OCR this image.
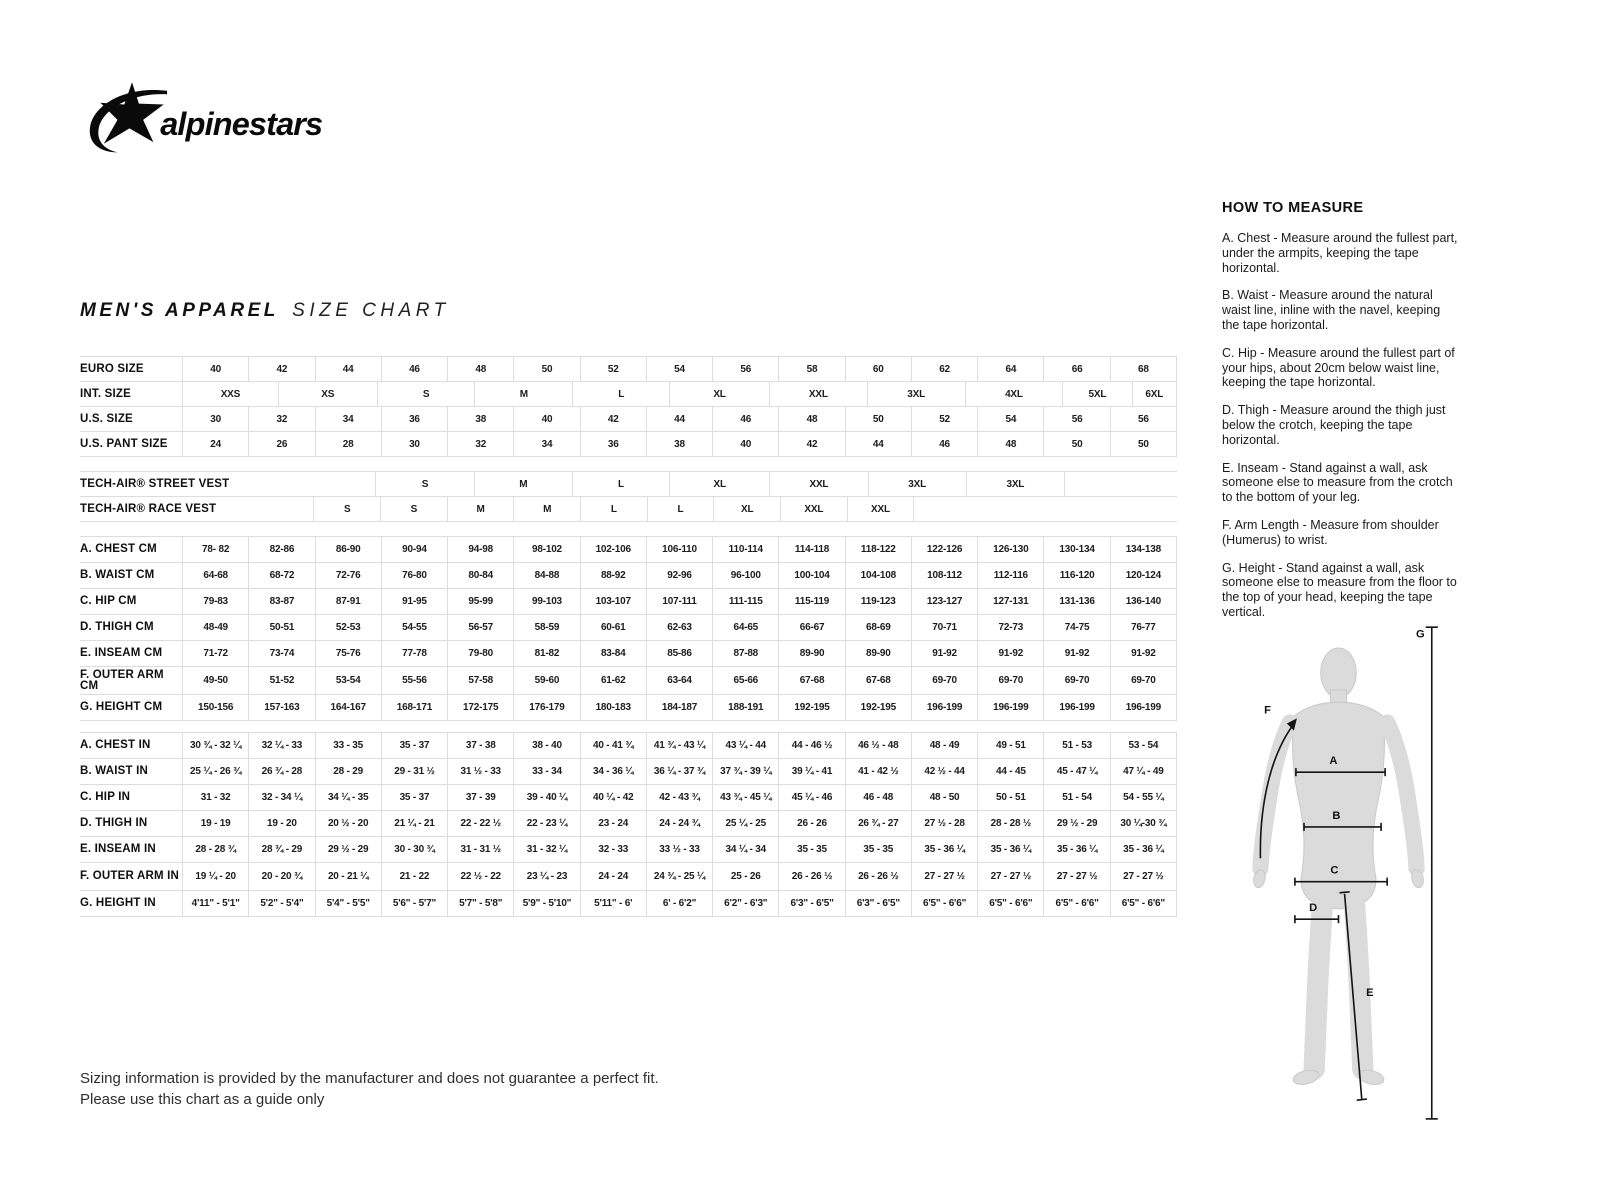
alpinestars
MEN'S APPAREL SIZE CHART
EURO SIZE	40	42	44	46	48	50	52	54	56	58	60	62	64	66	68
INT. SIZE	XXS	XS	S	M	L	XL	XXL	3XL	4XL	5XL	6XL
U.S. SIZE	30	32	34	36	38	40	42	44	46	48	50	52	54	56	56
U.S. PANT SIZE	24	26	28	30	32	34	36	38	40	42	44	46	48	50	50
TECH-AIR® STREET VEST	S	M	L	XL	XXL	3XL	3XL
TECH-AIR® RACE VEST	S	S	M	M	L	L	XL	XXL	XXL
A. CHEST CM	78- 82	82-86	86-90	90-94	94-98	98-102	102-106	106-110	110-114	114-118	118-122	122-126	126-130	130-134	134-138
B. WAIST CM	64-68	68-72	72-76	76-80	80-84	84-88	88-92	92-96	96-100	100-104	104-108	108-112	112-116	116-120	120-124
C. HIP CM	79-83	83-87	87-91	91-95	95-99	99-103	103-107	107-111	111-115	115-119	119-123	123-127	127-131	131-136	136-140
D. THIGH CM	48-49	50-51	52-53	54-55	56-57	58-59	60-61	62-63	64-65	66-67	68-69	70-71	72-73	74-75	76-77
E. INSEAM CM	71-72	73-74	75-76	77-78	79-80	81-82	83-84	85-86	87-88	89-90	89-90	91-92	91-92	91-92	91-92
F. OUTER ARM CM	49-50	51-52	53-54	55-56	57-58	59-60	61-62	63-64	65-66	67-68	67-68	69-70	69-70	69-70	69-70
G. HEIGHT CM	150-156	157-163	164-167	168-171	172-175	176-179	180-183	184-187	188-191	192-195	192-195	196-199	196-199	196-199	196-199
A. CHEST IN	30 ¾ - 32 ¼	32 ¼ - 33	33 - 35	35 - 37	37 - 38	38 - 40	40 - 41 ¾	41 ¾ - 43 ¼	43 ¼ - 44	44 - 46 ½	46 ½ - 48	48 - 49	49 - 51	51 - 53	53 - 54
B. WAIST IN	25 ¼ - 26 ¾	26 ¾ - 28	28 - 29	29 - 31 ½	31 ½ - 33	33 - 34	34 - 36 ¼	36 ¼ - 37 ¾	37 ¾ - 39 ¼	39 ¼ - 41	41 - 42 ½	42 ½ - 44	44 - 45	45 - 47 ¼	47 ¼ - 49
C. HIP IN	31 - 32	32 - 34 ¼	34 ¼ - 35	35 - 37	37 - 39	39 - 40 ¼	40 ¼ - 42	42 - 43 ¾	43 ¾ - 45 ¼	45 ¼ - 46	46 - 48	48 - 50	50 - 51	51 - 54	54 - 55 ¼
D. THIGH IN	19 - 19	19 - 20	20 ½ - 20	21 ¼ - 21	22 - 22 ½	22 - 23 ¼	23 - 24	24 - 24 ¾	25 ¼ - 25	26 - 26	26 ¾ - 27	27 ½ - 28	28 - 28 ½	29 ½ - 29	30 ¼-30 ¾
E. INSEAM IN	28 - 28 ¾	28 ¾ - 29	29 ½ - 29	30 - 30 ¾	31 - 31 ½	31 - 32 ¼	32 - 33	33 ½ - 33	34 ¼ - 34	35 - 35	35 - 35	35 - 36 ¼	35 - 36 ¼	35 - 36 ¼	35 - 36 ¼
F. OUTER ARM IN	19 ¼ - 20	20 - 20 ¾	20 - 21 ¼	21 - 22	22 ½ - 22	23 ¼ - 23	24 - 24	24 ¾ - 25 ¼	25 - 26	26 - 26 ½	26 - 26 ½	27 - 27 ½	27 - 27 ½	27 - 27 ½	27 - 27 ½
G. HEIGHT IN	4'11" - 5'1"	5'2" - 5'4"	5'4" - 5'5"	5'6" - 5'7"	5'7" - 5'8"	5'9" - 5'10"	5'11" - 6'	6' - 6'2"	6'2" - 6'3"	6'3" - 6'5"	6'3" - 6'5"	6'5" - 6'6"	6'5" - 6'6"	6'5" - 6'6"	6'5" - 6'6"
HOW TO MEASURE
A. Chest - Measure around the fullest part, under the armpits, keeping the tape horizontal.
B. Waist - Measure around the natural waist line, inline with the navel, keeping the tape horizontal.
C. Hip - Measure around the fullest part of your hips, about 20cm below waist line, keeping the tape horizontal.
D. Thigh - Measure around the thigh just below the crotch, keeping the tape horizontal.
E. Inseam - Stand against a wall, ask someone else to measure from the crotch to the bottom of your leg.
F. Arm Length - Measure from shoulder (Humerus) to wrist.
G. Height - Stand against a wall, ask someone else to measure from the floor to the top of your head, keeping the tape vertical.
A
B
C
D
E
F
G
Sizing information is provided by the manufacturer and does not guarantee a perfect fit.
Please use this chart as a guide only
